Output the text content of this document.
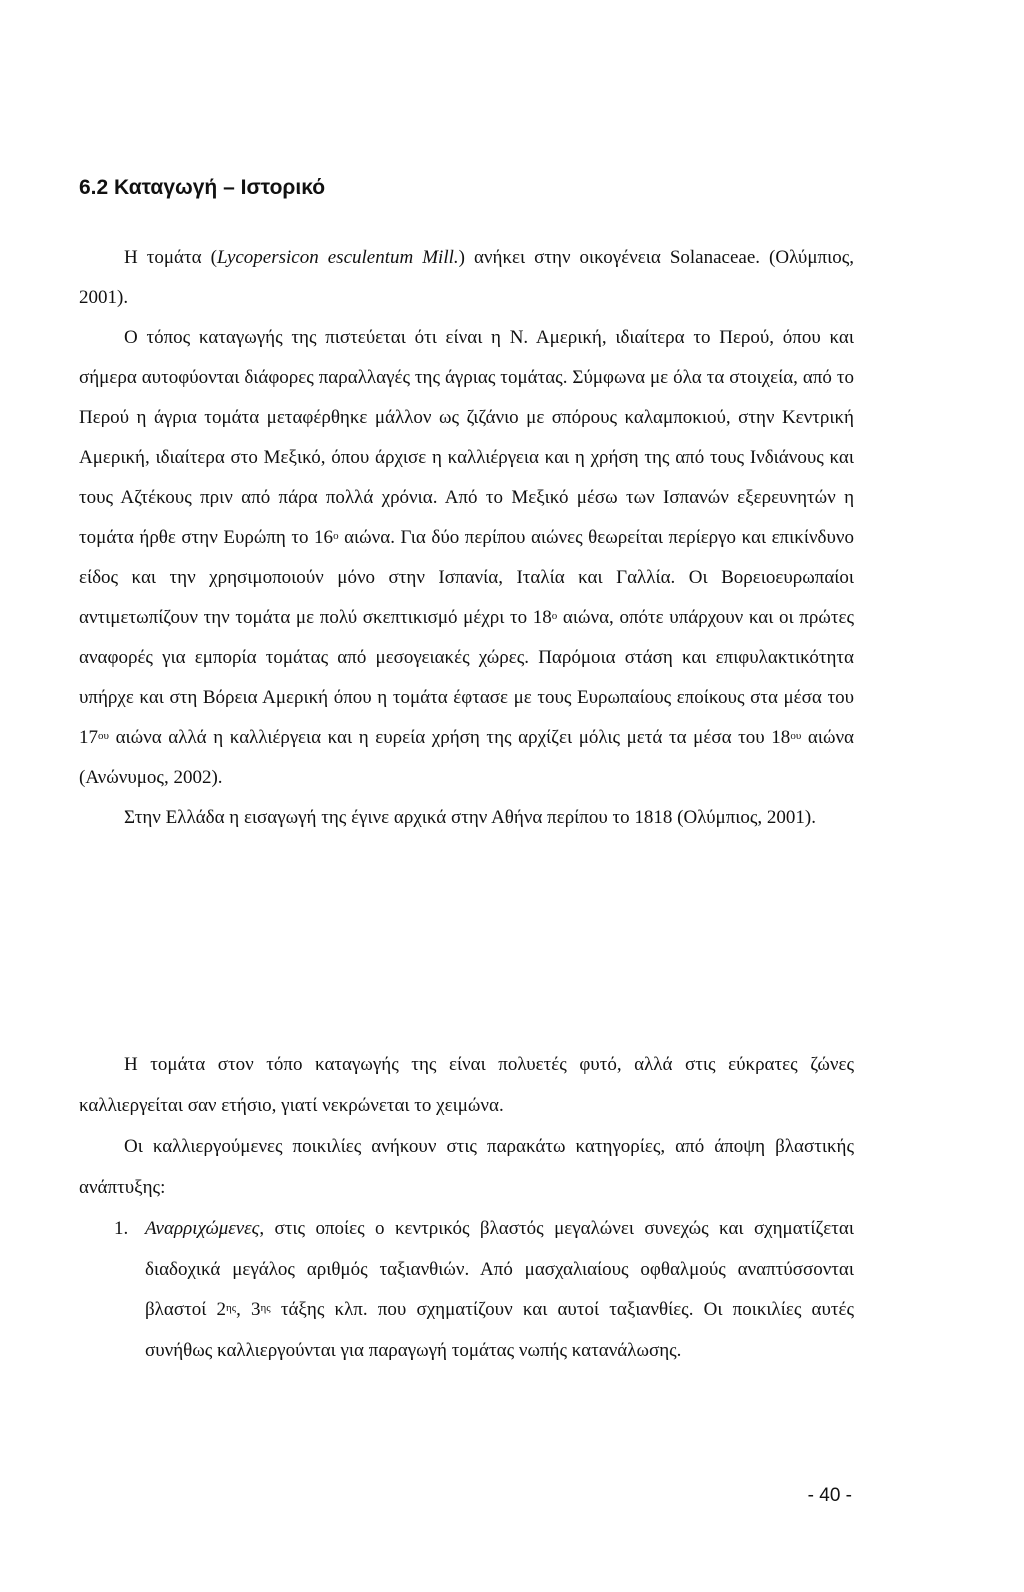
6.2 Καταγωγή – Ιστορικό

Η τομάτα (Lycopersicon esculentum Mill.) ανήκει στην οικογένεια Solanaceae. (Ολύμπιος, 2001).

Ο τόπος καταγωγής της πιστεύεται ότι είναι η Ν. Αμερική, ιδιαίτερα το Περού, όπου και σήμερα αυτοφύονται διάφορες παραλλαγές της άγριας τομάτας. Σύμφωνα με όλα τα στοιχεία, από το Περού η άγρια τομάτα μεταφέρθηκε μάλλον ως ζιζάνιο με σπόρους καλαμποκιού, στην Κεντρική Αμερική, ιδιαίτερα στο Μεξικό, όπου άρχισε η καλλιέργεια και η χρήση της από τους Ινδιάνους και τους Αζτέκους πριν από πάρα πολλά χρόνια. Από το Μεξικό μέσω των Ισπανών εξερευνητών η τομάτα ήρθε στην Ευρώπη το $16^o$ αιώνα. Για δύο περίπου αιώνες θεωρείται περίεργο και επικίνδυνο είδος και την χρησιμοποιούν μόνο στην Ισπανία, Ιταλία και Γαλλία. Οι Βορειοευρωπαίοι αντιμετωπίζουν την τομάτα με πολύ σκεπτικισμό μέχρι το $18^o$ αιώνα, οπότε υπάρχουν και οι πρώτες αναφορές για εμπορία τομάτας από μεσογειακές χώρες. Παρόμοια στάση και επιφυλακτικότητα υπήρχε και στη Βόρεια Αμερική όπου η τομάτα έφτασε με τους Ευρωπαίους εποίκους στα μέσα του $17^{o\upsilon}$ αιώνα αλλά η καλλιέργεια και η ευρεία χρήση της αρχίζει μόλις μετά τα μέσα του $18^{o\upsilon}$ αιώνα (Ανώνυμος, 2002).

Στην Ελλάδα η εισαγωγή της έγινε αρχικά στην Αθήνα περίπου το 1818 (Ολύμπιος, 2001).

Η τομάτα στον τόπο καταγωγής της είναι πολυετές φυτό, αλλά στις εύκρατες ζώνες καλλιεργείται σαν ετήσιο, γιατί νεκρώνεται το χειμώνα.

Οι καλλιεργούμενες ποικιλίες ανήκουν στις παρακάτω κατηγορίες, από άποψη βλαστικής ανάπτυξης:

1. Αναρριχώμενες, στις οποίες ο κεντρικός βλαστός μεγαλώνει συνεχώς και σχηματίζεται διαδοχικά μεγάλος αριθμός ταξιανθιών. Από μασχαλιαίους οφθαλμούς αναπτύσσονται βλαστοί $2^{\eta\varsigma}$, $3^{\eta\varsigma}$ τάξης κλπ. που σχηματίζουν και αυτοί ταξιανθίες. Οι ποικιλίες αυτές συνήθως καλλιεργούνται για παραγωγή τομάτας νωπής κατανάλωσης.
- 40 -
